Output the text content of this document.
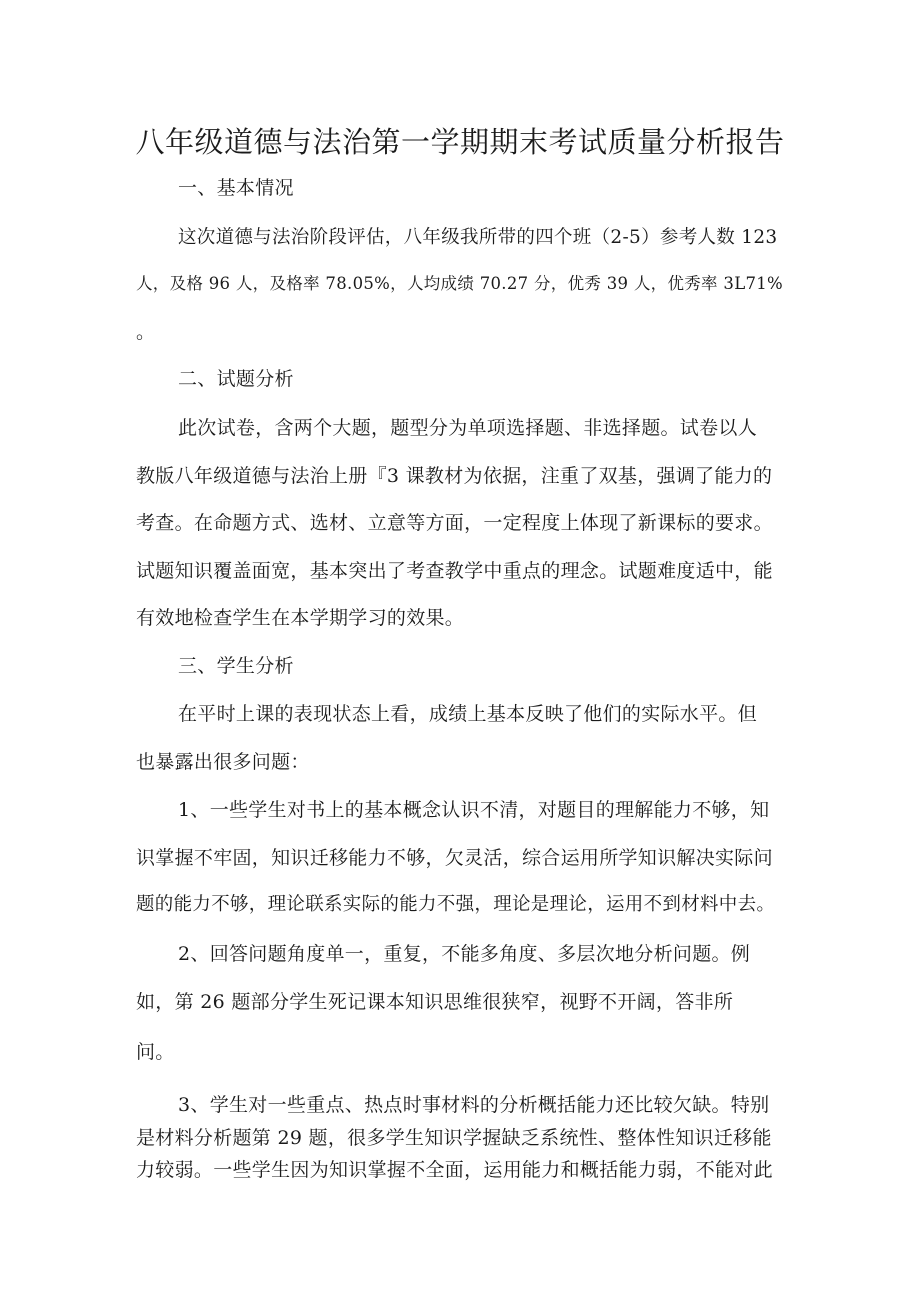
八年级道德与法治第一学期期末考试质量分析报告
一、基本情况
这次道德与法治阶段评估，八年级我所带的四个班（2-5）参考人数 123
人，及格 96 人，及格率 78.05%，人均成绩 70.27 分，优秀 39 人，优秀率 3L71%
。
二、试题分析
此次试卷，含两个大题，题型分为单项选择题、非选择题。试卷以人
教版八年级道德与法治上册『3 课教材为依据，注重了双基，强调了能力的
考查。在命题方式、选材、立意等方面，一定程度上体现了新课标的要求。
试题知识覆盖面宽，基本突出了考查教学中重点的理念。试题难度适中，能
有效地检查学生在本学期学习的效果。
三、学生分析
在平时上课的表现状态上看，成绩上基本反映了他们的实际水平。但
也暴露出很多问题：
1、一些学生对书上的基本概念认识不清，对题目的理解能力不够，知
识掌握不牢固，知识迁移能力不够，欠灵活，综合运用所学知识解决实际问
题的能力不够，理论联系实际的能力不强，理论是理论，运用不到材料中去。
2、回答问题角度单一，重复，不能多角度、多层次地分析问题。例
如，第 26 题部分学生死记课本知识思维很狭窄，视野不开阔，答非所
问。
3、学生对一些重点、热点时事材料的分析概括能力还比较欠缺。特别
是材料分析题第 29 题，很多学生知识学握缺乏系统性、整体性知识迁移能
力较弱。一些学生因为知识掌握不全面，运用能力和概括能力弱，不能对此
